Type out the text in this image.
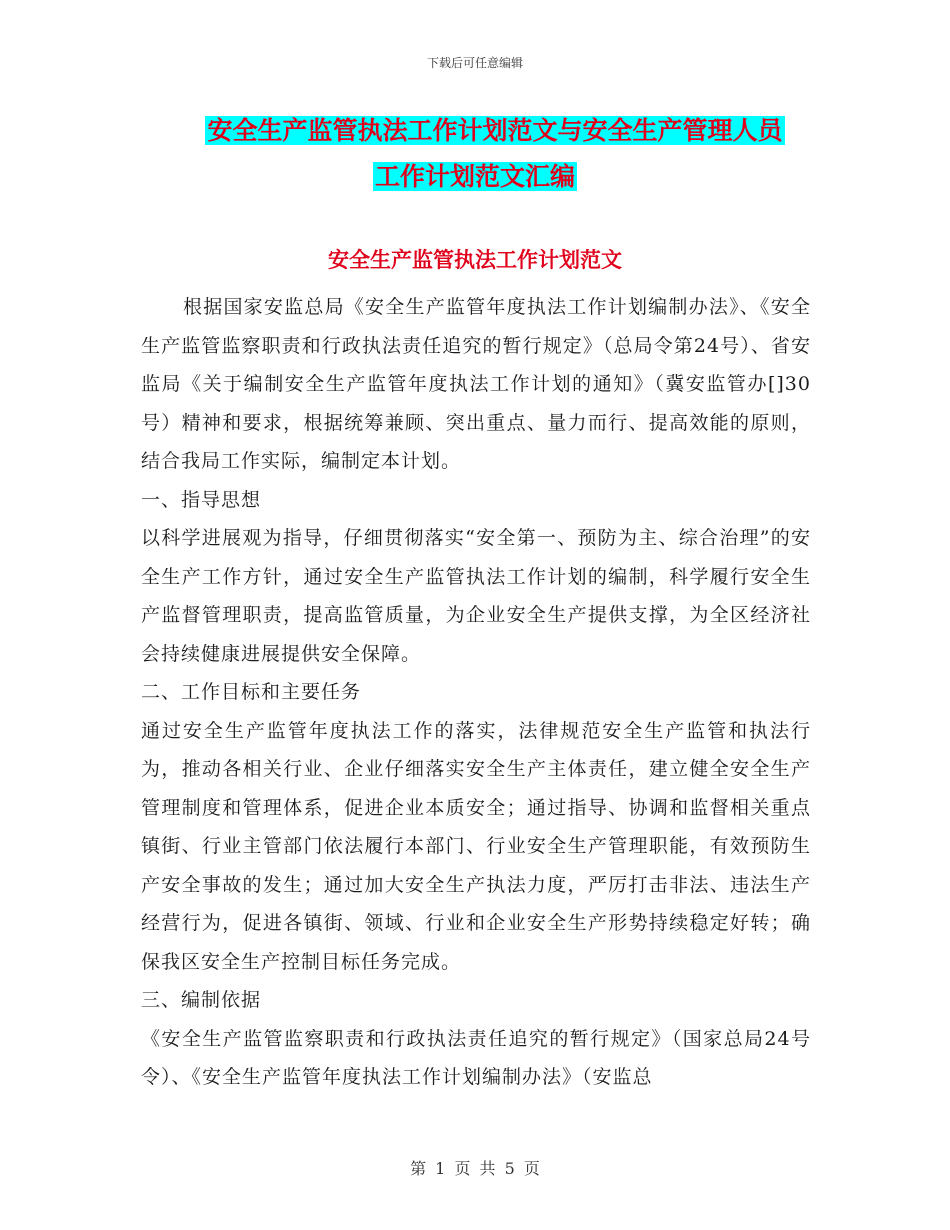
下载后可任意编辑
安全生产监管执法工作计划范文与安全生产管理人员
工作计划范文汇编
安全生产监管执法工作计划范文

根据国家安监总局《安全生产监管年度执法工作计划编制办法》、《安全生产监管监察职责和行政执法责任追究的暂行规定》（总局令第24号）、省安监局《关于编制安全生产监管年度执法工作计划的通知》（冀安监管办[]30号）精神和要求，根据统筹兼顾、突出重点、量力而行、提高效能的原则，结合我局工作实际，编制定本计划。

一、指导思想

以科学进展观为指导，仔细贯彻落实“安全第一、预防为主、综合治理”的安全生产工作方针，通过安全生产监管执法工作计划的编制，科学履行安全生产监督管理职责，提高监管质量，为企业安全生产提供支撑，为全区经济社会持续健康进展提供安全保障。

二、工作目标和主要任务

通过安全生产监管年度执法工作的落实，法律规范安全生产监管和执法行为，推动各相关行业、企业仔细落实安全生产主体责任，建立健全安全生产管理制度和管理体系，促进企业本质安全；通过指导、协调和监督相关重点镇街、行业主管部门依法履行本部门、行业安全生产管理职能，有效预防生产安全事故的发生；通过加大安全生产执法力度，严厉打击非法、违法生产经营行为，促进各镇街、领域、行业和企业安全生产形势持续稳定好转；确保我区安全生产控制目标任务完成。

三、编制依据

《安全生产监管监察职责和行政执法责任追究的暂行规定》（国家总局24号令）、《安全生产监管年度执法工作计划编制办法》（安监总

第 1 页 共 5 页
